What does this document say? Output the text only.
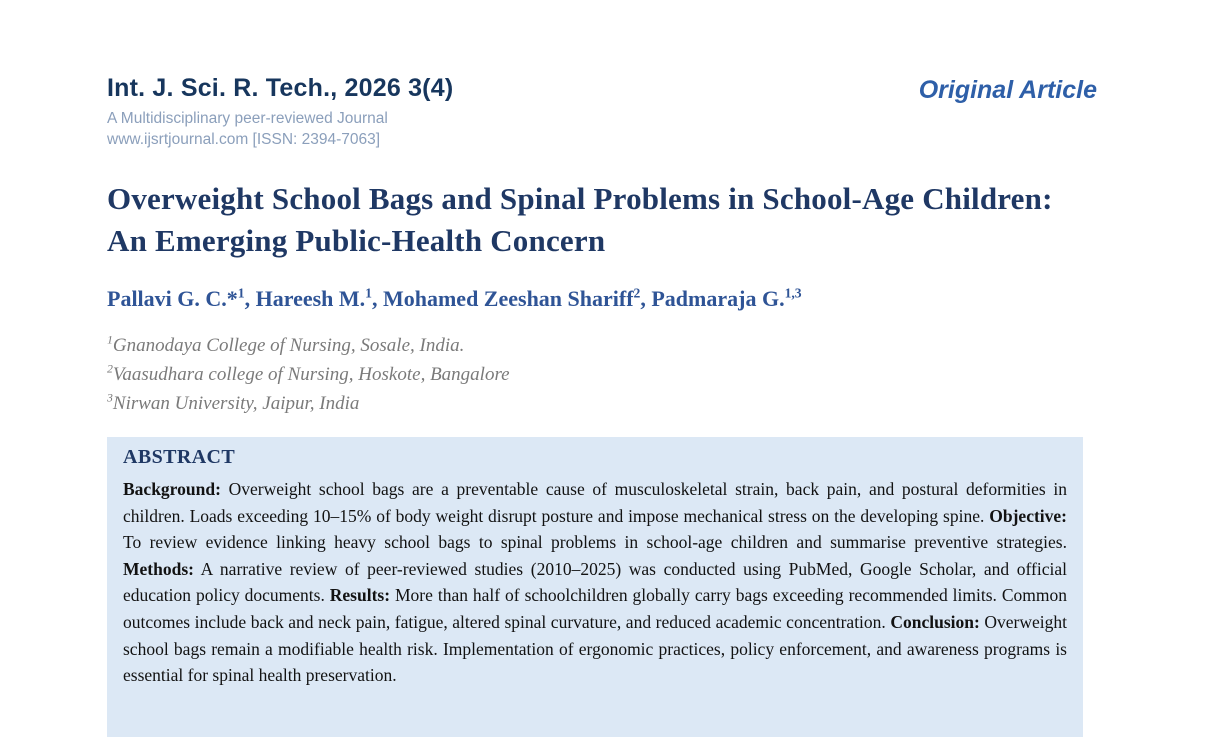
Int. J. Sci. R. Tech., 2026 3(4)
A Multidisciplinary peer-reviewed Journal
www.ijsrtjournal.com [ISSN: 2394-7063]
Original Article
Overweight School Bags and Spinal Problems in School-Age Children: An Emerging Public-Health Concern
Pallavi G. C.*$^1$, Hareesh M.$^1$, Mohamed Zeeshan Shariff$^2$, Padmaraja G.$^{1,3}$
$^1$Gnanodaya College of Nursing, Sosale, India.
$^2$Vaasudhara college of Nursing, Hoskote, Bangalore
$^3$Nirwan University, Jaipur, India
ABSTRACT

Background: Overweight school bags are a preventable cause of musculoskeletal strain, back pain, and postural deformities in children. Loads exceeding 10–15% of body weight disrupt posture and impose mechanical stress on the developing spine. Objective: To review evidence linking heavy school bags to spinal problems in school-age children and summarise preventive strategies. Methods: A narrative review of peer-reviewed studies (2010–2025) was conducted using PubMed, Google Scholar, and official education policy documents. Results: More than half of schoolchildren globally carry bags exceeding recommended limits. Common outcomes include back and neck pain, fatigue, altered spinal curvature, and reduced academic concentration. Conclusion: Overweight school bags remain a modifiable health risk. Implementation of ergonomic practices, policy enforcement, and awareness programs is essential for spinal health preservation.
